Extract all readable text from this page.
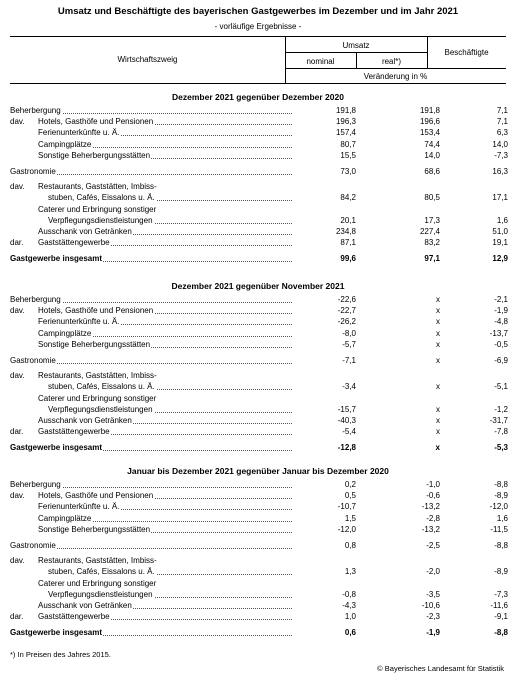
Umsatz und Beschäftigte des bayerischen Gastgewerbes im Dezember und im Jahr 2021
- vorläufige Ergebnisse -
Wirtschaftszweig
Umsatz
Beschäftigte
nominal	real*)
Veränderung in %
Dezember 2021 gegenüber Dezember 2020
Beherbergung	191,8	191,8	7,1
dav.	Hotels, Gasthöfe und Pensionen	196,3	196,6	7,1
Ferienunterkünfte u. Ä.	157,4	153,4	6,3
Campingplätze	80,7	74,4	14,0
Sonstige Beherbergungsstätten	15,5	14,0	-7,3
Gastronomie	73,0	68,6	16,3
dav.	Restaurants, Gaststätten, Imbiss-
stuben, Cafés, Eissalons u. Ä.	84,2	80,5	17,1
Caterer und Erbringung sonstiger
Verpflegungsdienstleistungen	20,1	17,3	1,6
Ausschank von Getränken	234,8	227,4	51,0
dar.	Gaststättengewerbe	87,1	83,2	19,1
Gastgewerbe insgesamt	99,6	97,1	12,9
Dezember 2021 gegenüber November 2021
Beherbergung	-22,6	x	-2,1
dav.	Hotels, Gasthöfe und Pensionen	-22,7	x	-1,9
Ferienunterkünfte u. Ä.	-26,2	x	-4,8
Campingplätze	-8,0	x	-13,7
Sonstige Beherbergungsstätten	-5,7	x	-0,5
Gastronomie	-7,1	x	-6,9
dav.	Restaurants, Gaststätten, Imbiss-
stuben, Cafés, Eissalons u. Ä.	-3,4	x	-5,1
Caterer und Erbringung sonstiger
Verpflegungsdienstleistungen	-15,7	x	-1,2
Ausschank von Getränken	-40,3	x	-31,7
dar.	Gaststättengewerbe	-5,4	x	-7,8
Gastgewerbe insgesamt	-12,8	x	-5,3
Januar bis Dezember 2021 gegenüber Januar bis Dezember 2020
Beherbergung	0,2	-1,0	-8,8
dav.	Hotels, Gasthöfe und Pensionen	0,5	-0,6	-8,9
Ferienunterkünfte u. Ä.	-10,7	-13,2	-12,0
Campingplätze	1,5	-2,8	1,6
Sonstige Beherbergungsstätten	-12,0	-13,2	-11,5
Gastronomie	0,8	-2,5	-8,8
dav.	Restaurants, Gaststätten, Imbiss-
stuben, Cafés, Eissalons u. Ä.	1,3	-2,0	-8,9
Caterer und Erbringung sonstiger
Verpflegungsdienstleistungen	-0,8	-3,5	-7,3
Ausschank von Getränken	-4,3	-10,6	-11,6
dar.	Gaststättengewerbe	1,0	-2,3	-9,1
Gastgewerbe insgesamt	0,6	-1,9	-8,8
*) In Preisen des Jahres 2015.
© Bayerisches Landesamt für Statistik
